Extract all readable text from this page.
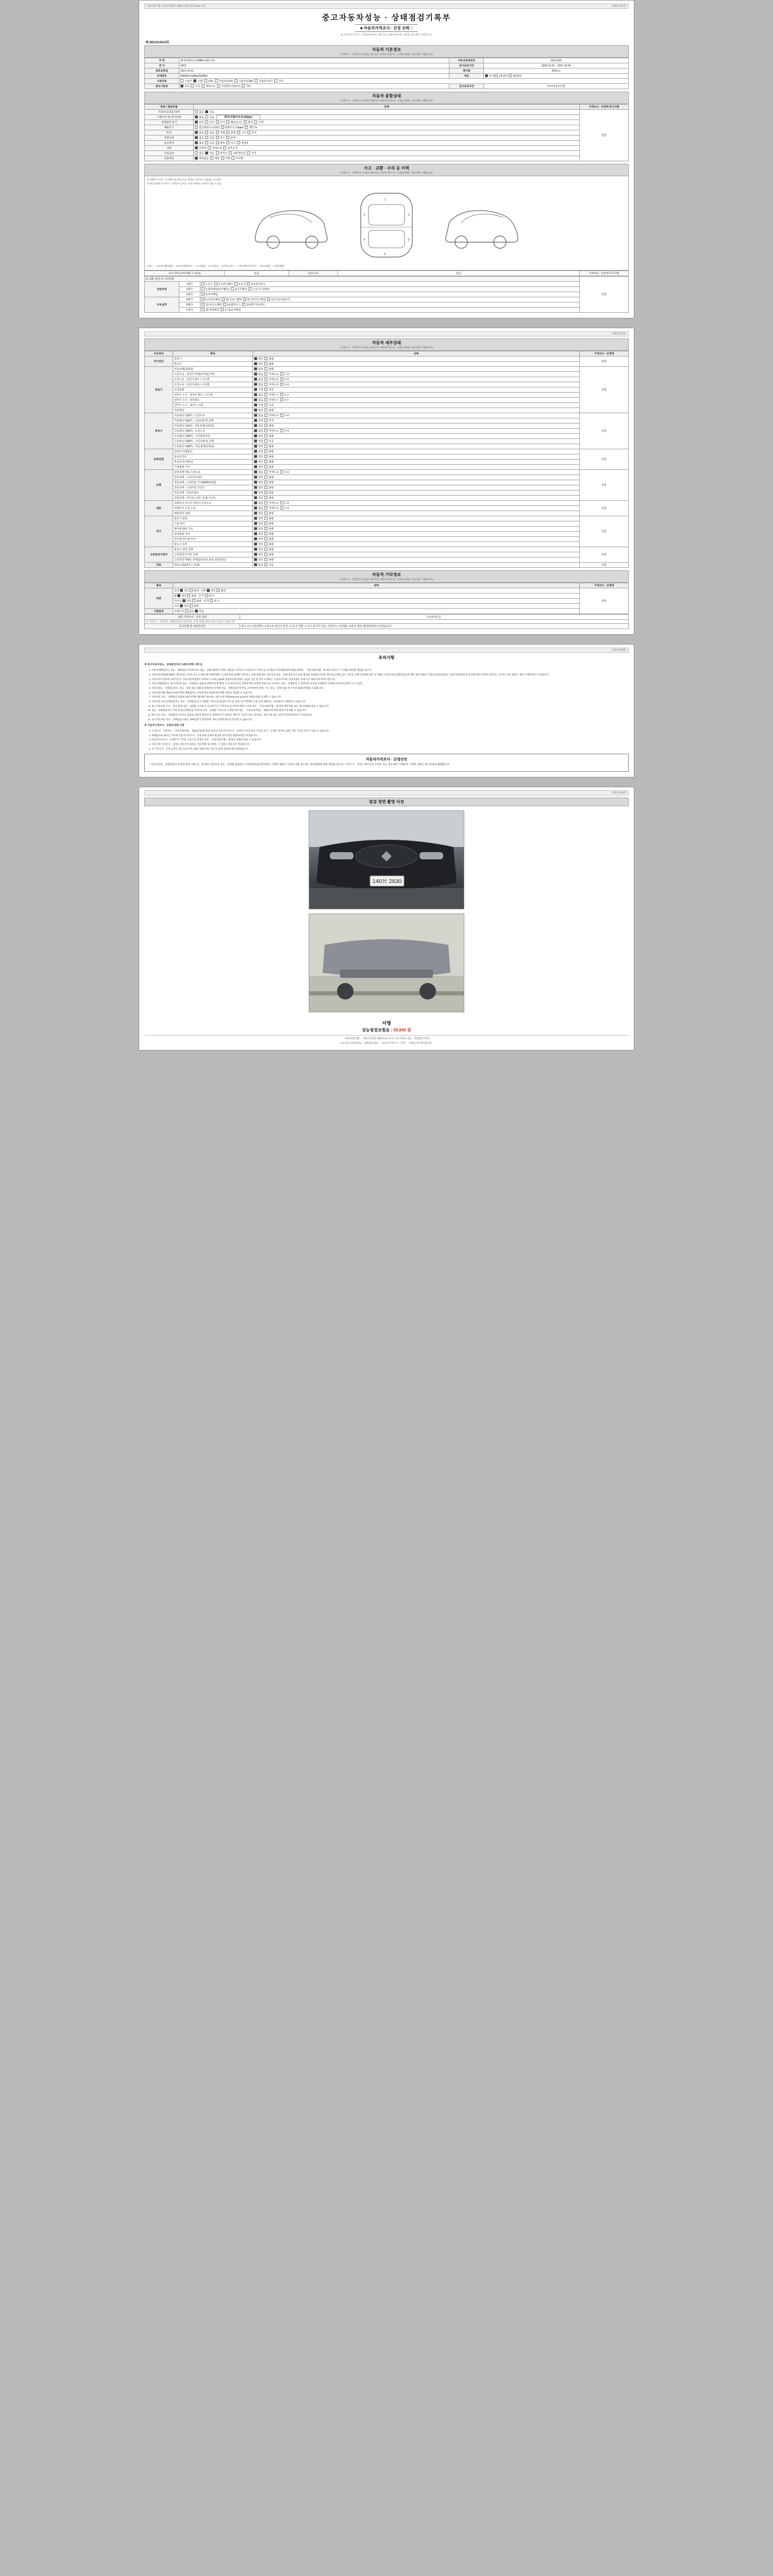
자동차관리법 시행규칙 [별지 제82호의3] (개정 2021.7.5)	(3쪽중 제1쪽)
중고자동차성능 · 상태점검기록부
■ 자동차가격조사 · 산정 선택 □
※ 자동차가격조사 · 산정선택여부는 매수인의 선택사항이며, 선택할 경우에만 기재합니다.
제 2021313010호
자동차 기본정보
(가격조사 · 산정액 특기사항은 매수인이 자동차가격조사 · 산정을 원하는 경우에만 기재합니다)
차 명	쏠라티(15인승/SMB) (4륜구동)	자동차등록번호	160로200
연 식	2022	검사유효기간	2025-10-21 ~ 2027-10-00
최초등록일	2021-10-01	배기량	2600 cc
차대번호	KMHSH 1EBNU592852	색상	단색 2톤칼라 3톤칼라
사용연료	가솔린 디젤 LPG 가솔린+LPG 가솔린+CNG 가솔린+전기 기타		
변속기종류	자동 수동 세미오토 무단변속기(CVT) 기타	검사유효기간	0 0 0 0 0 0 안함
자동차 종합상태
(가격조사 · 산정액 특기사항은 매수인이 자동차가격조사 · 산정을 원하는 경우에만 기재합니다)
항목 / 해당부품	상태	가격조사 · 산정액 특기사항
자동차 등록증 상태	없음 있음	안함
주행거리 및 계기상태	없음 있음 현재 주행거리 47,692km	
차대번호 표기	동일 상이 부식 훼손(오손) 변경 삭제	
배출가스	일산화탄소 0.01% 탄화수소 10ppm 매연 %	
튜닝	없음 있음 적법 불법 구조 장치	
특별이력	없음 있음 침수 화재	
용도변경	없음 있음 렌트 리스 영업용	
색상	무채색 전체도색 일부도색	
주요옵션	없음 있음 썬루프 내비게이션 기타	
리콜대상	해당없음 해당 이행 미이행	
사고 · 교환 · 수리 등 이력
(가격조사 · 산정액 특기사항은 매수인이 자동차가격조사 · 산정을 원하는 경우에만 기재합니다)
※ 상태표시 부호 : X (교환), W (판금 또는 용접), C (부식), A (흠집), U (요철)
※ 하단 상태표시 부호가 기재되어 있어도 기타 부위에도 상태가 있을 수 있음
1
2	3
4	5
6
1.후드 2.프론트휀더(좌) 3.프론트휀더(우) 4.도어(좌) 5.도어(우) 6.트렁크리드 7.라디에이터서포트 8.루프패널 9.쿼터패널
사고이력 (교차/내판 수 표입)	없음	단순수리	없음	가격조사 · 산정액 특기사항
※ 교환, 판금 등 이상부위			안함
외판부위	1랭크	1.후드 2.프론트휀더 3.도어 4.트렁크리드	
	2랭크	5.쿼터패널(리어휀더) 6.루프패널 7.사이드실패널	
	3랭크	8.리어패널	
주요골격	A랭크	9.프론트패널 10.크로스멤버 11.인사이드패널 12.트렁크플로어	
	B랭크	13.사이드멤버 14.휠하우스 15.패키지트레이	
	C랭크	16.대쉬패널 17.플로어패널	
(3쪽중 제2쪽)
자동차 세부상태
(가격조사 · 산정액 특기사항은 매수인이 자동차가격조사 · 산정을 원하는 경우에만 기재합니다)
주요장치	항목	상태	가격조사 · 산정액
자기진단	원동기	양호 불량	안함
	변속기	양호 불량	
원동기	작동상태(공회전)	양호 불량	안함
	오일누유 - 실린더 커버(로커암) 커버	없음 미세누유 누유	
	오일누유 - 실린더 헤드 / 가스켓	없음 미세누유 누유	
	오일누유 - 실린더 블록 / 오일팬	없음 미세누유 누유	
	오일유량	적정 부족	
	냉각수 누수 - 실린더 헤드 / 가스켓	없음 미세누수 누수	
	냉각수 누수 - 워터펌프	없음 미세누수 누수	
	냉각수 누수 - 냉각수 수량	적정 부족	
	커먼레일	양호 불량	
변속기	자동변속기(A/T) - 오일누유	없음 미세누유 누유	안함
	자동변속기(A/T) - 오일유량 및 상태	적정 부족	
	자동변속기(A/T) - 작동상태(공회전)	양호 불량	
	수동변속기(M/T) - 오일누유	없음 미세누유 누유	
	수동변속기(M/T) - 기어변속장치	양호 불량	
	수동변속기(M/T) - 오일유량 및 상태	적정 부족	
	수동변속기(M/T) - 작동상태(공회전)	양호 불량	
동력전달	클러치 어셈블리	양호 불량	안함
	등속조인트	양호 불량	
	추진축 및 베어링	양호 불량	
	디퍼렌셜 기어	양호 불량	
조향	동력조향 작동 오일누유	없음 미세누유 누유	안함
	작동상태 - 스티어링 펌프	양호 불량	
	작동상태 - 스티어링 기어(MDPS포함)	양호 불량	
	작동상태 - 스티어링 조인트	양호 불량	
	작동상태 - 파워크랭크	양호 불량	
	작동상태 - 타이로드엔드 및 볼 조인트	양호 불량	
제동	브레이크 마스터 실린더 오일누유	없음 미세누유 누유	안함
	브레이크 오일 누유	없음 미세누유 누유	
	배력장치 상태	양호 불량	
전기	발전기 출력	양호 불량	안함
	시동 모터	양호 불량	
	와이퍼 캠비 기능	양호 불량	
	실내송풍 모터	양호 불량	
	라디에이터 팬 모터	양호 불량	
	윈도우 모터	양호 불량	
고전원전기장치	충전구 절연 상태	양호 불량	안함
	구동축전지 격리 상태	양호 불량	
	고전원전기배선 상태(접속단자,피복,절연체 등)	양호 불량	
연료	연료누출(LP가스 포함)	없음 있음	안함
자동차 기타정보
(가격조사 · 산정액 특기사항은 매수인이 자동차가격조사 · 산정을 원하는 경우에만 기재합니다)
항목	상태	가격조사 · 산정액
외관	외장 양호 불량 내장 양호 불량	안함
	휠 양호 불량 전,후 좌,우	
	타이어 양호 불량 전,후 좌,우	
	유리 양호 불량	
기본품목	브레이크 없음 있음	
최종 가격조사 · 산정 금액	0 0 0 0 0 원
※ 가격조사 · 산정액은 상태점검자의 의견이며, 실제 거래금액과 차이가 있을 수 있습니다.	
특기사항 및 점검자의견	회수 있고 (감상별터 요청으로 본인의 권리, 도색 중 상황 수 있고 표기가 있음, 리퍼(기스,금)제비, 프론트 범퍼, 휠마켓셋팅이 있었습니다.
(3쪽중 제3쪽)
유의사항

※ 중고자동차성능 · 상태점검자의 보증에 관한 사항 등

1. 자동차매매업자는 성능 · 상태점검기록부(이하 "성능 · 상태 제외에 기재된 내용을 고지하지 아니하거나 거짓으로 고지할(고지에 해당하여 해당) 때에는 「자동차관리법」에 따라 보증이 그 손해를 배상할 책임을 집니다.
2. 자동차관리법령(제58조 제7항 및 소비자 보호 규정(공정거래위원회 고시)에 따라 매매된 자동차는 일정 범위에서 자동차의 성능 · 상태 점검자가 보증 책임을 부담합니다(예: 매수인의 책임 있는 사유로 손해가 발생한 경우 등 제외). 자동차성능상태점검자에 대한 상세 내용은 인정서(보증증권)의 기준과 책임범위 등에 따라 매수인에게 교부되는 것이며, 보증 내용은 계약 시 확인하시기 바랍니다.
3. 자동차인도일부터 보증기간은 국토교통부장관이 정하여 고시하는(2000 킬로미터에 달하는 날)의 기간 중 먼저 도래하는 시점까지이며, 보증적용은 보증기간 내에 이루어져야 합니다.
4. 자동차매매업자는 중고자동차 성능 · 상태점검 내용과 관련한 분쟁 발생 시 소비자보호를 위하여 매수인에게 보증서를 교부하고 성능 · 상태점검 시 점검자의 보증을 포함하여 교부합니다(국토교통부 고시 참조).
5. 자동차성능 · 상태점검자는 성능 · 상태 점검 내용에 대해 매수인에게 성능 · 상태점검기록부를 교부하여야 하며, 이는 성능 · 상태 점검 후 기록한 내용(서면)을 포함합니다.
6. 자동차관리법 제58조의4에 따라 매매업자는 자동차성능상태점검자에게 점검을 의뢰할 수 있습니다.
7. 자동차의 성능 · 상태점검 내용에 대한 분쟁이 발생한 경우에는 한국소비자원(www.kca.go.kr)에 피해구제를 신청할 수 있습니다.
8. 자동차의 성능상태점검자는 성능 · 상태점검 당시 상태를 기준으로 점검한 것으로, 점검 이후 발생한 고장 등에 대해서는 보증범위가 제한될 수 있습니다.
9. 중고자동차의 구조 · 장치 행위 성능 · 상태를 고지하지 아니하거나, 거짓으로 표시하여 허위 고지한 경우 「자동차관리법」에 따라 행정처분 또는 형사처벌을 받을 수 있습니다.
10. 성능 · 상태점검자가 자동차성능상태점검기록부에 성능 · 상태를 거짓으로 기재한 경우에는 「자동차관리법」 제80조에 따라 벌칙이 부과될 수 있습니다.
11. 매수인은 성능 · 상태점검기록부의 내용을 충분히 확인한 후 계약하시기 바라며, 계약 후 이의가 있는 경우에는 보증기관 또는 관련기관에 문의하시기 바랍니다.
12. 중고자동차의 성능 · 상태점검 비용은 매매업자가 부담하며, 매수인에게 별도로 청구할 수 없습니다.

※ 자동차가격조사 · 산정에 관한 사항

1. 가격조사 · 산정자는 「자동차관리법」 제58조의4에 따라 등록된 자동차가격조사 · 산정자가 자동차의 가격을 조사 · 산정한 것이며, 실제 거래 가격과 차이가 있을 수 있습니다.
2. 매매업자와 매수인 사이에 자동차가격조사 · 산정 관련 분쟁이 발생한 경우 관련 법령에 따라 처리됩니다.
3. 자동차가격조사 · 산정자가 가격을 거짓으로 산정한 경우 「자동차관리법」에 따라 처벌을 받을 수 있습니다.
4. 자동차의 가격조사 · 산정은 매수인이 원하는 경우에만 실시하며, 그 비용은 매수인이 부담합니다.
5. 본 가격조사 · 산정 금액은 참고자료이며, 최종 거래금액은 당사자 간의 합의에 따라 결정됩니다.
자동차가격조사 · 산정선언

「자동차성능 · 상태점검자 보증에 관한 사항 등」에 따라 자동차의 성능 · 상태를 점검하고 기록하였음을 확인하며, 기재된 내용이 사실과 다를 경우에는 관계법령에 따른 책임을 집니다. 가격조사 · 산정은 매수인의 요청이 있는 경우에만 기재하며, 기재된 내용은 참고자료로 활용됩니다.

(3쪽중 제4쪽)
점검 정면 촬영 사진
140브 2630
서명
성능점검보험료 : 59,840 원
「자동차관리법」 시행규칙 별지 제82호의3 서식 / 중고자동차 성능 · 상태점검기록부
[ ※ ] 중고자동차성능 · 상태점검 결과, 「자동차가격조사 · 산정 」 사항입니다 확인합니다.
